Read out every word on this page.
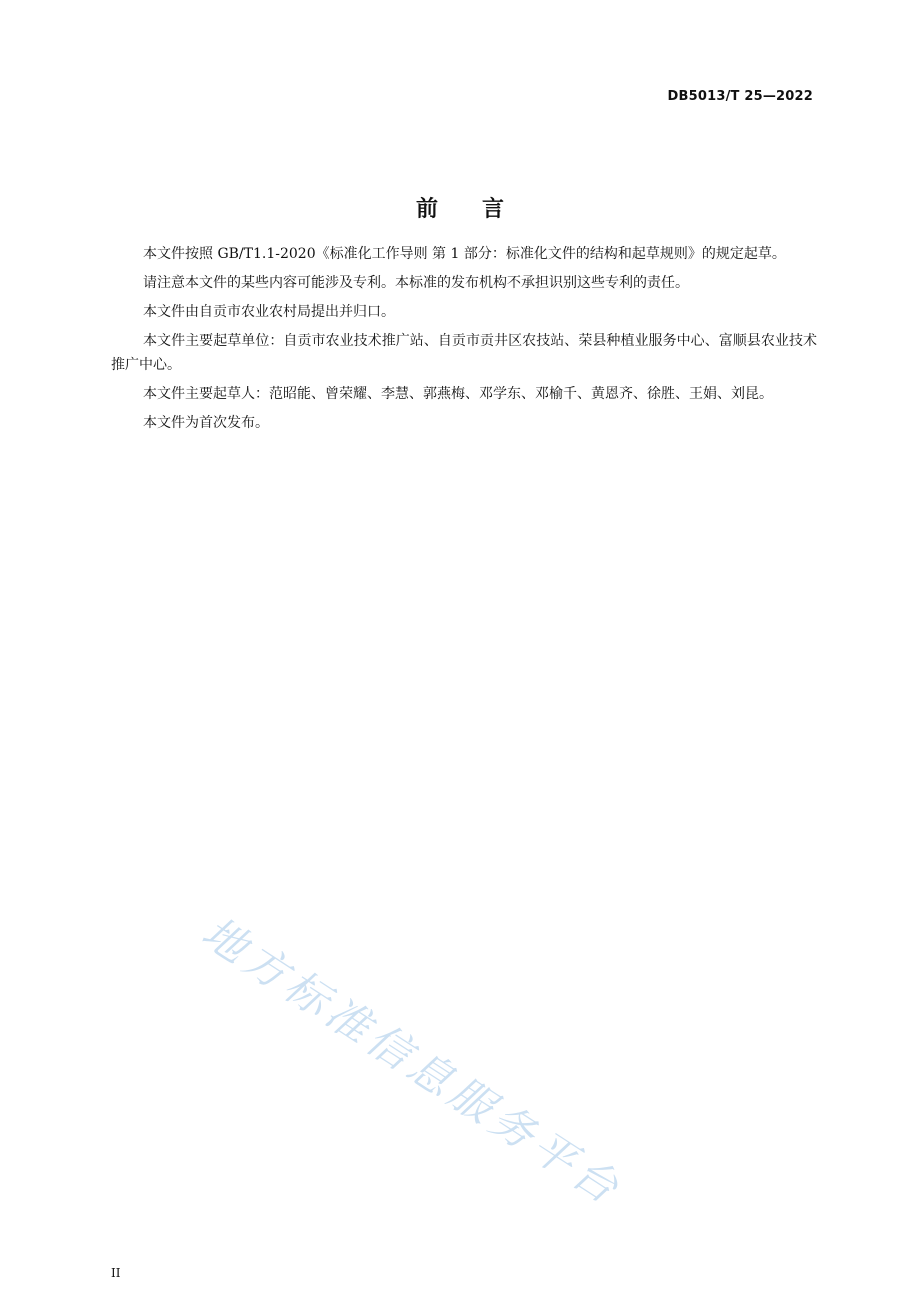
DB5013/T 25—2022
前言

本文件按照 GB/T1.1-2020《标准化工作导则 第 1 部分：标准化文件的结构和起草规则》的规定起草。

请注意本文件的某些内容可能涉及专利。本标准的发布机构不承担识别这些专利的责任。

本文件由自贡市农业农村局提出并归口。

本文件主要起草单位：自贡市农业技术推广站、自贡市贡井区农技站、荣县种植业服务中心、富顺县农业技术推广中心。

本文件主要起草人：范昭能、曾荣耀、李慧、郭燕梅、邓学东、邓榆千、黄恩齐、徐胜、王娟、刘昆。

本文件为首次发布。

地方标准信息服务平台
II
